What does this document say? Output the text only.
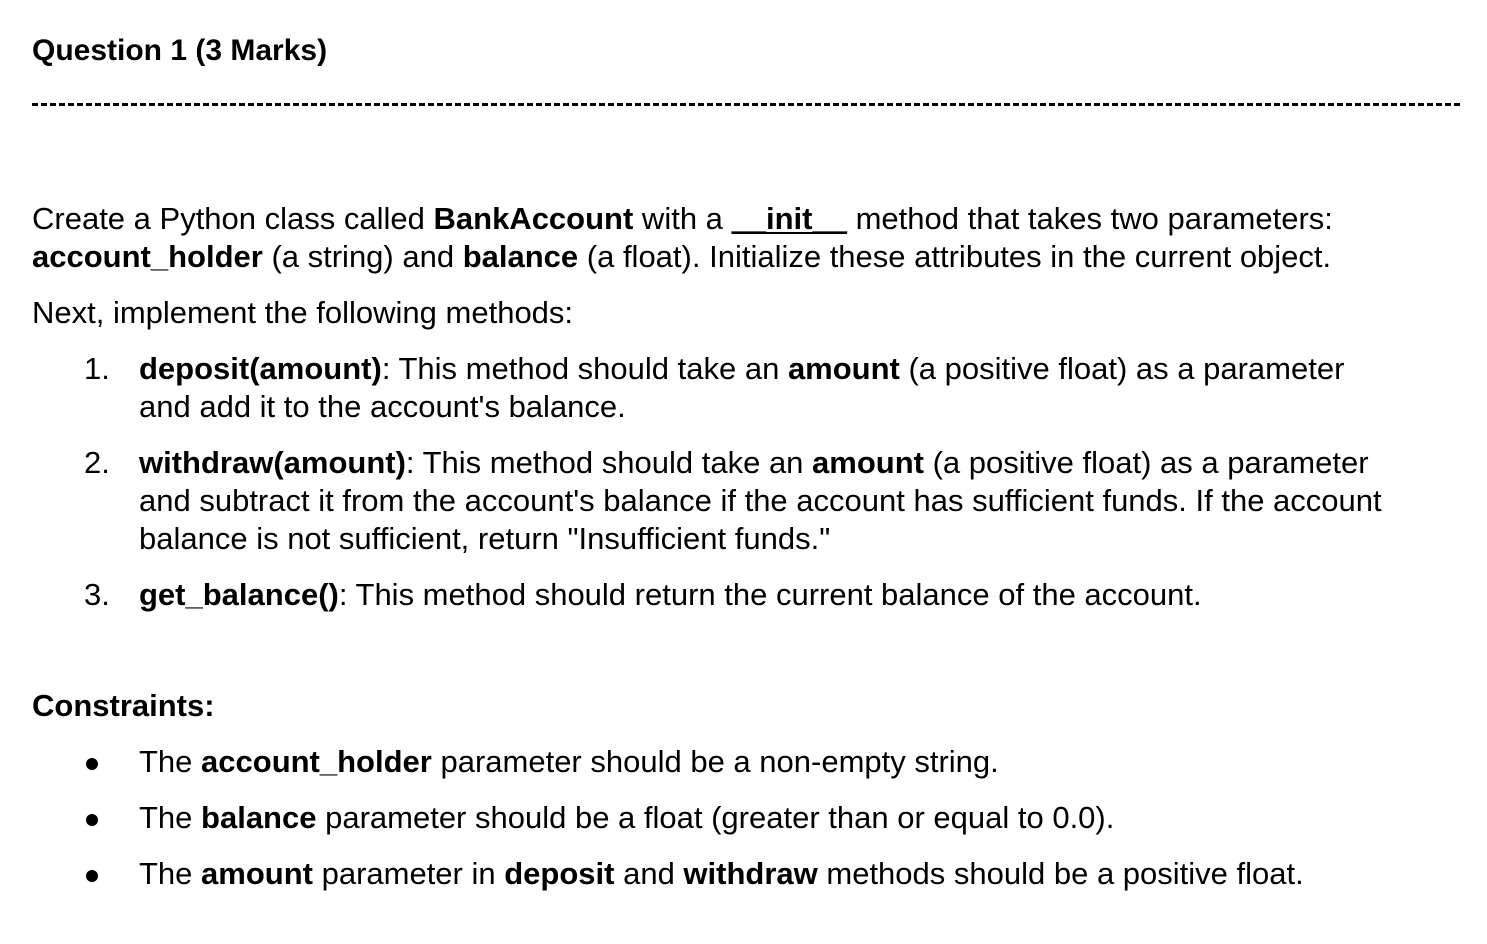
Question 1 (3 Marks)
Create a Python class called BankAccount with a __init__ method that takes two parameters:
account_holder (a string) and balance (a float). Initialize these attributes in the current object.
Next, implement the following methods:
1. deposit(amount): This method should take an amount (a positive float) as a parameter
and add it to the account's balance.
2. withdraw(amount): This method should take an amount (a positive float) as a parameter
and subtract it from the account's balance if the account has sufficient funds. If the account
balance is not sufficient, return "Insufficient funds."
3. get_balance(): This method should return the current balance of the account.
Constraints:
The account_holder parameter should be a non-empty string.
The balance parameter should be a float (greater than or equal to 0.0).
The amount parameter in deposit and withdraw methods should be a positive float.
